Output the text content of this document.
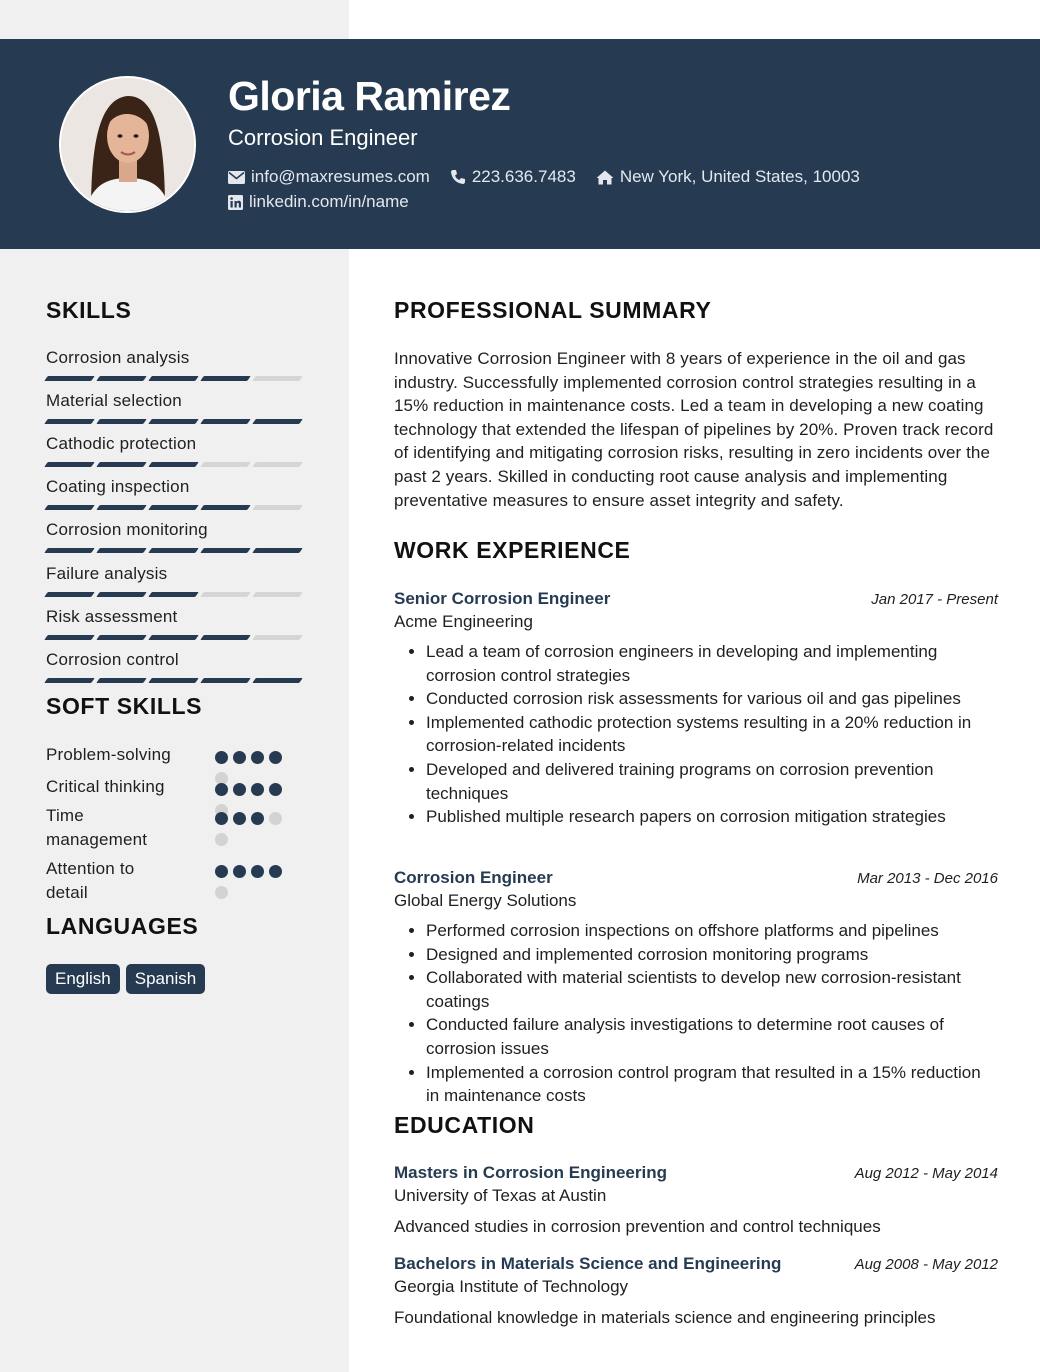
Gloria Ramirez
Corrosion Engineer
info@maxresumes.com 223.636.7483	New York, United States, 10003
linkedin.com/in/name
SKILLS
Corrosion analysis
Material selection
Cathodic protection
Coating inspection
Corrosion monitoring
Failure analysis
Risk assessment
Corrosion control
SOFT SKILLS
Problem-solving
Critical thinking
Time management
Attention to detail
LANGUAGES
English	Spanish
PROFESSIONAL SUMMARY
Innovative Corrosion Engineer with 8 years of experience in the oil and gas industry. Successfully implemented corrosion control strategies resulting in a 15% reduction in maintenance costs. Led a team in developing a new coating technology that extended the lifespan of pipelines by 20%. Proven track record of identifying and mitigating corrosion risks, resulting in zero incidents over the past 2 years. Skilled in conducting root cause analysis and implementing preventative measures to ensure asset integrity and safety.
WORK EXPERIENCE
Senior Corrosion Engineer	Jan 2017 - Present
Acme Engineering
• Lead a team of corrosion engineers in developing and implementing corrosion control strategies
• Conducted corrosion risk assessments for various oil and gas pipelines
• Implemented cathodic protection systems resulting in a 20% reduction in corrosion-related incidents
• Developed and delivered training programs on corrosion prevention techniques
• Published multiple research papers on corrosion mitigation strategies
Corrosion Engineer	Mar 2013 - Dec 2016
Global Energy Solutions
• Performed corrosion inspections on offshore platforms and pipelines
• Designed and implemented corrosion monitoring programs
• Collaborated with material scientists to develop new corrosion-resistant coatings
• Conducted failure analysis investigations to determine root causes of corrosion issues
• Implemented a corrosion control program that resulted in a 15% reduction in maintenance costs
EDUCATION
Masters in Corrosion Engineering	Aug 2012 - May 2014
University of Texas at Austin
Advanced studies in corrosion prevention and control techniques
Bachelors in Materials Science and Engineering	Aug 2008 - May 2012
Georgia Institute of Technology
Foundational knowledge in materials science and engineering principles
